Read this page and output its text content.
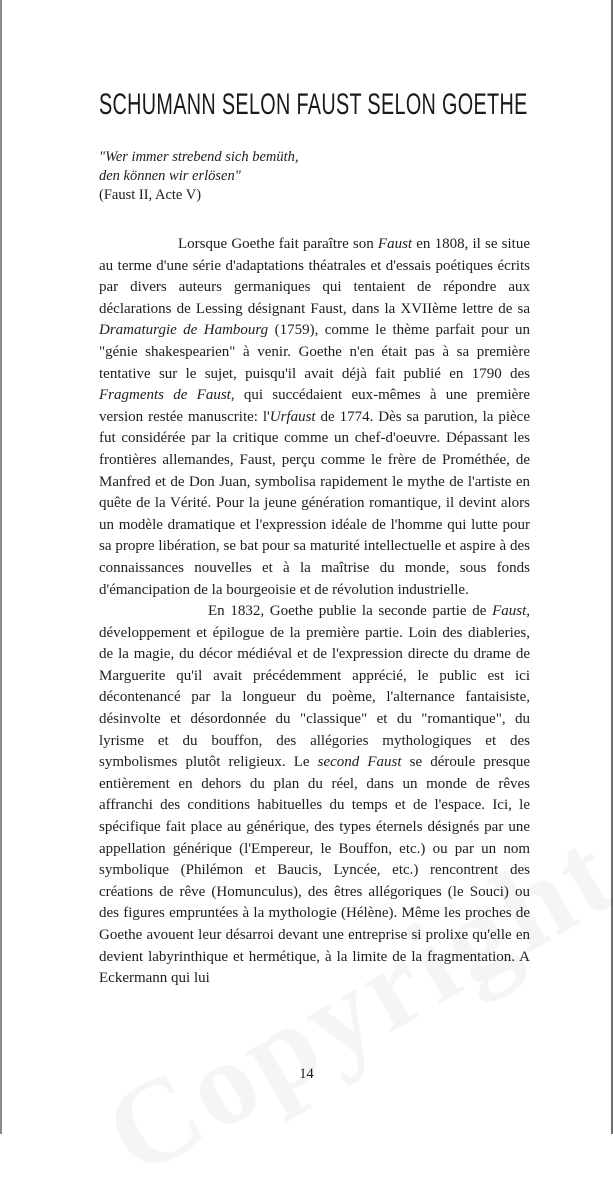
SCHUMANN SELON FAUST SELON GOETHE
"Wer immer strebend sich bemüth,
den können wir erlösen"
(Faust II, Acte V)

Lorsque Goethe fait paraître son Faust en 1808, il se situe au terme d'une série d'adaptations théatrales et d'essais poétiques écrits par divers auteurs germaniques qui tentaient de répondre aux déclarations de Lessing désignant Faust, dans la XVIIème lettre de sa Dramaturgie de Hambourg (1759), comme le thème parfait pour un "génie shakespearien" à venir. Goethe n'en était pas à sa première tentative sur le sujet, puisqu'il avait déjà fait publié en 1790 des Fragments de Faust, qui succédaient eux-mêmes à une première version restée manuscrite: l'Urfaust de 1774. Dès sa parution, la pièce fut considérée par la critique comme un chef-d'oeuvre. Dépassant les frontières allemandes, Faust, perçu comme le frère de Prométhée, de Manfred et de Don Juan, symbolisa rapidement le mythe de l'artiste en quête de la Vérité. Pour la jeune génération romantique, il devint alors un modèle dramatique et l'expression idéale de l'homme qui lutte pour sa propre libération, se bat pour sa maturité intellectuelle et aspire à des connaissances nouvelles et à la maîtrise du monde, sous fonds d'émancipation de la bourgeoisie et de révolution industrielle.

En 1832, Goethe publie la seconde partie de Faust, développement et épilogue de la première partie. Loin des diableries, de la magie, du décor médiéval et de l'expression directe du drame de Marguerite qu'il avait précédemment apprécié, le public est ici décontenancé par la longueur du poème, l'alternance fantaisiste, désinvolte et désordonnée du "classique" et du "romantique", du lyrisme et du bouffon, des allégories mythologiques et des symbolismes plutôt religieux. Le second Faust se déroule presque entièrement en dehors du plan du réel, dans un monde de rêves affranchi des conditions habituelles du temps et de l'espace. Ici, le spécifique fait place au générique, des types éternels désignés par une appellation générique (l'Empereur, le Bouffon, etc.) ou par un nom symbolique (Philémon et Baucis, Lyncée, etc.) rencontrent des créations de rêve (Homunculus), des êtres allégoriques (le Souci) ou des figures empruntées à la mythologie (Hélène). Même les proches de Goethe avouent leur désarroi devant une entreprise si prolixe qu'elle en devient labyrinthique et hermétique, à la limite de la fragmentation. A Eckermann qui lui

14
